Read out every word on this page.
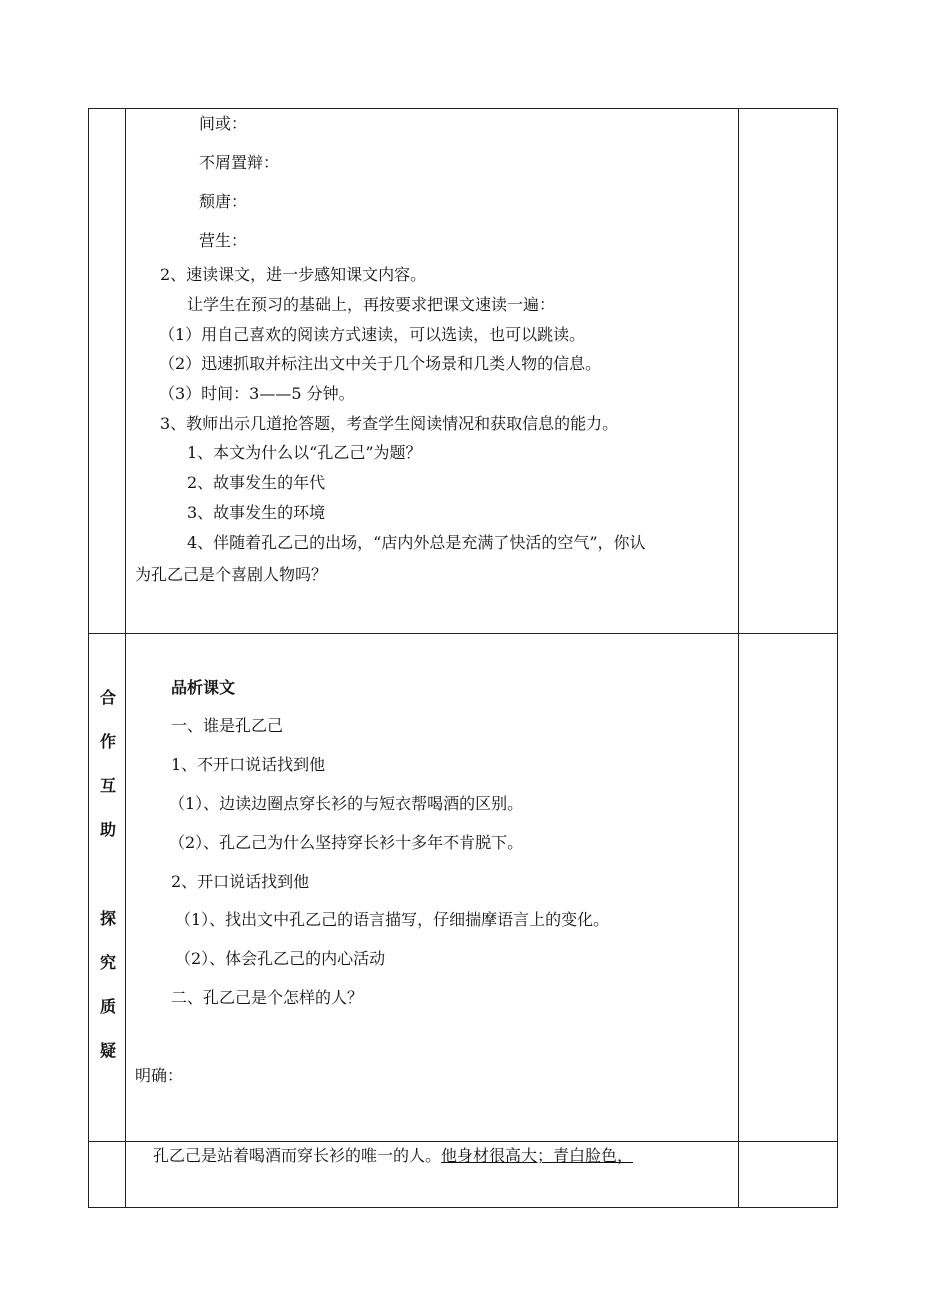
间或：
不屑置辩：
颓唐：
营生：
2、速读课文，进一步感知课文内容。
让学生在预习的基础上，再按要求把课文速读一遍：
（1）用自己喜欢的阅读方式速读，可以选读，也可以跳读。
（2）迅速抓取并标注出文中关于几个场景和几类人物的信息。
（3）时间：3——5 分钟。
3、教师出示几道抢答题，考查学生阅读情况和获取信息的能力。
1、本文为什么以“孔乙己”为题？
2、故事发生的年代
3、故事发生的环境
4、伴随着孔乙己的出场，“店内外总是充满了快活的空气”，你认
为孔乙己是个喜剧人物吗？
合
作
互
助
探
究
质
疑
品析课文
一、谁是孔乙己
1、不开口说话找到他
（1）、边读边圈点穿长衫的与短衣帮喝酒的区别。
（2）、孔乙己为什么坚持穿长衫十多年不肯脱下。
2、开口说话找到他
（1）、找出文中孔乙己的语言描写，仔细揣摩语言上的变化。
（2）、体会孔乙己的内心活动
二、孔乙己是个怎样的人？
明确：
孔乙己是站着喝酒而穿长衫的唯一的人。他身材很高大；青白脸色，
